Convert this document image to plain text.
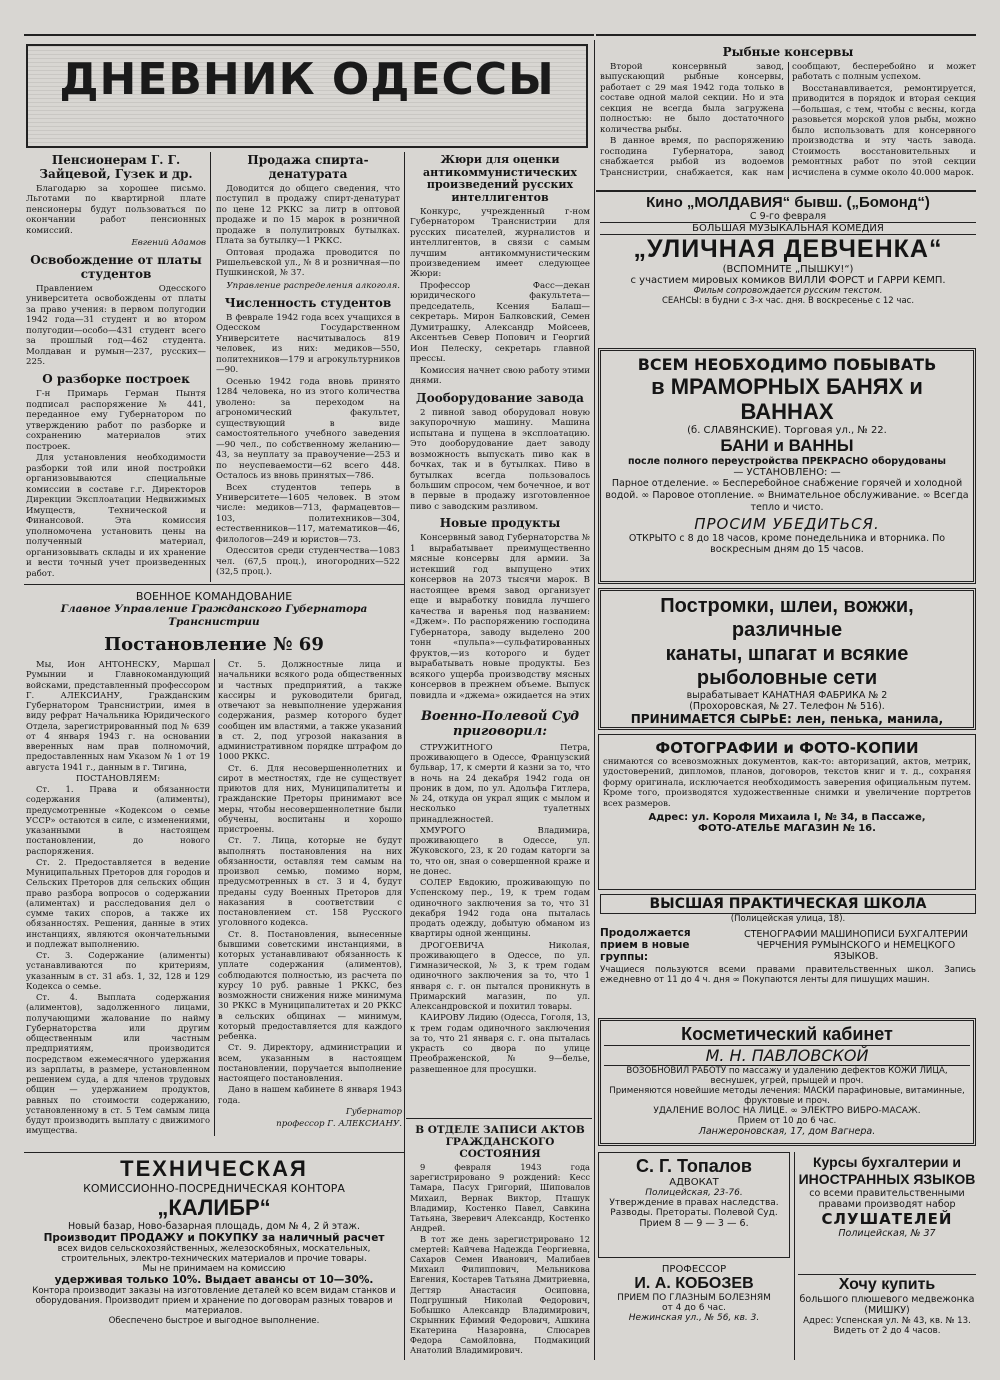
ДНЕВНИК ОДЕССЫ
Пенсионерам Г. Г. Зайцевой, Гузек и др.

Благодарю за хорошее письмо. Льготами по квартирной плате пенсионеры будут пользоваться по окончании работ пенсионных комиссий.

Евгений Адамов
Освобождение от платы студентов

Правлением Одесского университета освобождены от платы за право учения: в первом полугодии 1942 года—31 студент и во втором полугодии—особо—431 студент всего за прошлый год—462 студента. Молдаван и румын—237, русских—225.

О разборке построек

Г-н Примарь Герман Пынтя подписал распоряжение № 441, переданное ему Губернатором по утверждению работ по разборке и сохранению материалов этих построек.

Для установления необходимости разборки той или иной постройки организовываются специальные комиссии в составе г.г. Директоров Дирекции Эксплоатации Недвижимых Имуществ, Технической и Финансовой. Эта комиссия уполномочена установить цены на полученный материал, организовывать склады и их хранение и вести точный учет произведенных работ.

Продажа спирта-денатурата

Доводится до общего сведения, что поступил в продажу спирт-денатурат по цене 12 РККС за литр в оптовой продаже и по 15 марок в розничной продаже в полулитровых бутылках. Плата за бутылку—1 РККС.

Оптовая продажа проводится по Ришельевской ул., № 8 и розничная—по Пушкинской, № 37.

Управление распределения алкоголя.
Численность студентов

В феврале 1942 года всех учащихся в Одесском Государственном Университете насчитывалось 819 человек, из них: медиков—550, политехников—179 и агрокультурников—90.

Осенью 1942 года вновь принято 1284 человека, но из этого количества уволено: за переходом на агрономический факультет, существующий в виде самостоятельного учебного заведения—90 чел., по собственному желанию—43, за неуплату за правоучение—253 и по неуспеваемости—62 всего 448. Осталось из вновь принятых—786.

Всех студентов теперь в Университете—1605 человек. В этом числе: медиков—713, фармацевтов—103, политехников—304, естественников—117, математиков—46, филологов—249 и юристов—73.

Одесситов среди студенчества—1083 чел. (67,5 проц.), иногородних—522 (32,5 проц.).

Жюри для оценки антикоммунистических произведений русских интеллигентов

Конкурс, учрежденный г-ном Губернатором Транснистрии для русских писателей, журналистов и интеллигентов, в связи с самым лучшим антикоммунистическим произведением имеет следующее Жюри:

Профессор Фасс—декан юридического факультета—председатель, Ксения Балаш—секретарь. Мирон Балковский, Семен Думитрашку, Александр Мойсеев, Аксентьев Север Попович и Георгий Ион Пелеску, секретарь главной прессы.

Комиссия начнет свою работу этими днями.

Дооборудование завода

2 пивной завод оборудовал новую закупорочную машину. Машина испытана и пущена в эксплоатацию. Это дооборудование дает заводу возможность выпускать пиво как в бочках, так и в бутылках. Пиво в бутылках всегда пользовалось большим спросом, чем бочечное, и вот в первые в продажу изготовленное пиво с заводским разливом.

Новые продукты

Консервный завод Губернаторства № 1 вырабатывает преимущественно мясные консервы для армии. За истекший год выпущено этих консервов на 2073 тысячи марок. В настоящее время завод организует еще и выработку повидла лучшего качества и варенья под названием: «Джем». По распоряжению господина Губернатора, заводу выделено 200 тонн «пульпа»—сульфатированных фруктов,—из которого и будет вырабатывать новые продукты. Без всякого ущерба производству мясных консервов в прежнем объеме. Выпуск повидла и «джема» ожидается на этих

Рыбные консервы

Второй консервный завод, выпускающий рыбные консервы, работает с 29 мая 1942 года только в составе одной малой секции. Но и эта секция не всегда была загружена полностью: не было достаточного количества рыбы.

В данное время, по распоряжению господина Губернатора, завод снабжается рыбой из водоемов Транснистрии, снабжается, как нам сообщают, бесперебойно и может работать с полным успехом.

Восстанавливается, ремонтируется, приводится в порядок и вторая секция—большая, с тем, чтобы с весны, когда разовьется морской улов рыбы, можно было использовать для консервного производства и эту часть завода. Стоимость восстановительных и ремонтных работ по этой секции исчислена в сумме около 40.000 марок.

Кино „МОЛДАВИЯ“ бывш. („Бомонд“)
С 9-го февраля
БОЛЬШАЯ МУЗЫКАЛЬНАЯ КОМЕДИЯ
„УЛИЧНАЯ ДЕВЧЕНКА“
(ВСПОМНИТЕ „ПЫШКУ!“)
с участием мировых комиков ВИЛЛИ ФОРСТ и ГАРРИ КЕМП.
Фильм сопровождается русским текстом.
СЕАНСЫ: в будни с 3-х час. дня. В воскресенье с 12 час.
ВСЕМ НЕОБХОДИМО ПОБЫВАТЬ
в МРАМОРНЫХ БАНЯХ и ВАННАХ
(б. СЛАВЯНСКИЕ). Торговая ул., № 22.
БАНИ и ВАННЫ
после полного переустройства ПРЕКРАСНО оборудованы
— УСТАНОВЛЕНО: —
Парное отделение. ∞ Бесперебойное снабжение горячей и холодной водой. ∞ Паровое отопление. ∞ Внимательное обслуживание. ∞ Всегда тепло и чисто.
ПРОСИМ УБЕДИТЬСЯ.
ОТКРЫТО с 8 до 18 часов, кроме понедельника и вторника. По воскресным дням до 15 часов.
Постромки, шлеи, вожжи, различные
канаты, шпагат и всякие рыболовные сети
вырабатывает КАНАТНАЯ ФАБРИКА № 2
(Прохоровская, № 27. Телефон № 516).
ПРИНИМАЕТСЯ СЫРЬЕ: лен, пенька, манила,
ФОТОГРАФИИ и ФОТО-КОПИИ
снимаются со всевозможных документов, как-то: авторизаций, актов, метрик, удостоверений, дипломов, планов, договоров, текстов книг и т. д., сохраняя форму оригинала, исключается необходимость заверения официальным путем. Кроме того, производятся художественные снимки и увеличение портретов всех размеров.
Адрес: ул. Короля Михаила I, № 34, в Пассаже,
ФОТО-АТЕЛЬЕ МАГАЗИН № 16.
ВЫСШАЯ ПРАКТИЧЕСКАЯ ШКОЛА
(Полицейская улица, 18).
Продолжается прием в новые группы:
СТЕНОГРАФИИ МАШИНОПИСИ БУХГАЛТЕРИИ ЧЕРЧЕНИЯ РУМЫНСКОГО и НЕМЕЦКОГО ЯЗЫКОВ.
Учащиеся пользуются всеми правами правительственных школ. Запись ежедневно от 11 до 4 ч. дня ∞ Покупаются ленты для пишущих машин.
Косметический кабинет
М. Н. ПАВЛОВСКОЙ
ВОЗОБНОВИЛ РАБОТУ по массажу и удалению дефектов КОЖИ ЛИЦА, веснушек, угрей, прыщей и проч.
Применяются новейшие методы лечения: МАСКИ парафиновые, витаминные, фруктовые и проч.
УДАЛЕНИЕ ВОЛОС НА ЛИЦЕ. ∞ ЭЛЕКТРО ВИБРО-МАСАЖ.
Прием от 10 до 6 час.
Ланжероновская, 17, дом Вагнера.
С. Г. Топалов
АДВОКАТ
Полицейская, 23-76.
Утверждение в правах наследства. Разводы. Претораты. Полевой Суд.
Прием 8 — 9 — 3 — 6.
ПРОФЕССОР
И. А. КОБОЗЕВ
ПРИЕМ ПО ГЛАЗНЫМ БОЛЕЗНЯМ
от 4 до 6 час.
Нежинская ул., № 56, кв. 3.
Курсы бухгалтерии и ИНОСТРАННЫХ ЯЗЫКОВ
со всеми правительственными правами производят набор
СЛУШАТЕЛЕЙ
Полицейская, № 37
Хочу купить
большого плюшевого медвежонка
(МИШКУ)
Адрес: Успенская ул. № 43, кв. № 13. Видеть от 2 до 4 часов.
ВОЕННОЕ КОМАНДОВАНИЕ
Главное Управление Гражданского Губернатора Транснистрии
Постановление № 69

Мы, Ион АНТОНЕСКУ, Маршал Румынии и Главнокомандующий войсками, представленный профессором Г. АЛЕКСИАНУ, Гражданским Губернатором Транснистрии, имея в виду рефрат Начальника Юридического Отдела, зарегистрированный под № 639 от 4 января 1943 г. на основании вверенных нам прав полномочий, предоставленных нам Указом № 1 от 19 августа 1941 г., данным в г. Тигина,

ПОСТАНОВЛЯЕМ:

Ст. 1. Права и обязанности содержания (алименты), предусмотренные «Кодексом о семье УССР» остаются в силе, с изменениями, указанными в настоящем постановлении, до нового распоряжения.

Ст. 2. Предоставляется в ведение Муниципальных Преторов для городов и Сельских Преторов для сельских общин право разбора вопросов о содержании (алиментах) и расследования дел о сумме таких споров, а также их обязанностях. Решения, данные в этих инстанциях, являются окончательными и подлежат выполнению.

Ст. 3. Содержание (алименты) устанавливаются по критериям, указанным в ст. 31 абз. 1, 32, 128 и 129 Кодекса о семье.

Ст. 4. Выплата содержания (алиментов), задолженного лицами, получающими жалование по найму Губернаторства или другим общественным или частным предприятиям, производится посредством ежемесячного удержания из зарплаты, в размере, установленном решением суда, а для членов трудовых общин — удержанием продуктов, равных по стоимости содержанию, установленному в ст. 5 Тем самым лица будут производить выплату с движимого имущества.

Ст. 5. Должностные лица и начальники всякого рода общественных и частных предприятий, а также кассиры и руководители бригад, отвечают за невыполнение удержания содержания, размер которого будет сообщен им властями, а также указаний в ст. 2, под угрозой наказания в административном порядке штрафом до 1000 РККС.

Ст. 6. Для несовершеннолетних и сирот в местностях, где не существует приютов для них, Муниципалитеты и гражданские Преторы принимают все меры, чтобы несовершеннолетние были обучены, воспитаны и хорошо пристроены.

Ст. 7. Лица, которые не будут выполнять постановления на них обязанности, оставляя тем самым на произвол семью, помимо норм, предусмотренных в ст. 3 и 4, будут преданы суду Военных Преторов для наказания в соответствии с постановлением ст. 158 Русского уголовного кодекса.

Ст. 8. Постановления, вынесенные бывшими советскими инстанциями, в которых устанавливают обязанность к уплате содержания (алиментов), соблюдаются полностью, из расчета по курсу 10 руб. равные 1 РККС, без возможности снижения ниже минимума 30 РККС в Муниципалитетах и 20 РККС в сельских общинах — минимум, который предоставляется для каждого ребенка.

Ст. 9. Директору, администрации и всем, указанным в настоящем постановлении, поручается выполнение настоящего постановления.

Дано в нашем кабинете 8 января 1943 года.

Губернатор
профессор Г. АЛЕКСИАНУ.
ТЕХНИЧЕСКАЯ
КОМИССИОННО-ПОСРЕДНИЧЕСКАЯ КОНТОРА
„КАЛИБР“
Новый базар, Ново-базарная площадь, дом № 4, 2 й этаж.
Производит ПРОДАЖУ и ПОКУПКУ за наличный расчет
всех видов сельскохозяйственных, железоскобяных, москательных, строительных, электро-технических материалов и прочие товары.
Мы не принимаем на комиссию
удерживая только 10%. Выдает авансы от 10—30%.
Контора производит заказы на изготовление деталей ко всем видам станков и оборудования. Производит прием и хранение по договорам разных товаров и материалов.
Обеспечено быстрое и выгодное выполнение.
Военно-Полевой Суд приговорил:

СТРУЖИТНОГО Петра, проживающего в Одессе, Французский бульвар, 17, к смерти й казни за то, что в ночь на 24 декабря 1942 года он проник в дом, по ул. Адольфа Гитлера, № 24, откуда он украл ящик с мылом и несколько туалетных принадлежностей.

ХМУРОГО Владимира, проживающего в Одессе, ул. Жуковского, 23, к 20 годам каторги за то, что он, зная о совершенной краже и не донес.

СОЛЕР Евдокию, проживающую по Успенскому пер., 19, к трем годам одиночного заключения за то, что 31 декабря 1942 года она пыталась продать одежду, добытую обманом из квартиры одной женщины.

ДРОГОЕВИЧА Николая, проживающего в Одессе, по ул. Гимназической, № 3, к трем годам одиночного заключения за то, что 1 января с. г. он пытался проникнуть в Примарский магазин, по ул. Александровской и похитил товары.

КАИРОВУ Лидию (Одесса, Гоголя, 13, к трем годам одиночного заключения за то, что 21 января с. г. она пыталась украсть со двора по улице Преображенской, № 9—белье, развешенное для просушки.

В ОТДЕЛЕ ЗАПИСИ АКТОВ ГРАЖДАНСКОГО СОСТОЯНИЯ

9 февраля 1943 года зарегистрировано 9 рождений: Кесс Тамара, Пасух Григорий, Шиповалов Михаил, Вернак Виктор, Пташук Владимир, Костенко Павел, Савкина Татьяна, Зверевич Александр, Костенко Андрей.

В тот же день зарегистрировано 12 смертей: Кайчева Надежда Георгиевна, Сахаров Семен Иванович, Малибаев Михаил Филиппович, Мельникова Евгения, Костарев Татьяна Дмитриевна, Дегтяр Анастасия Осиповна, Подгрушный Николай Федорович, Бобышко Александр Владимирович, Скрынник Ефимий Федорович, Ашкина Екатерина Назаровна, Слюсарев Федора Самойловна, Подмакиций Анатолий Владимирович.
